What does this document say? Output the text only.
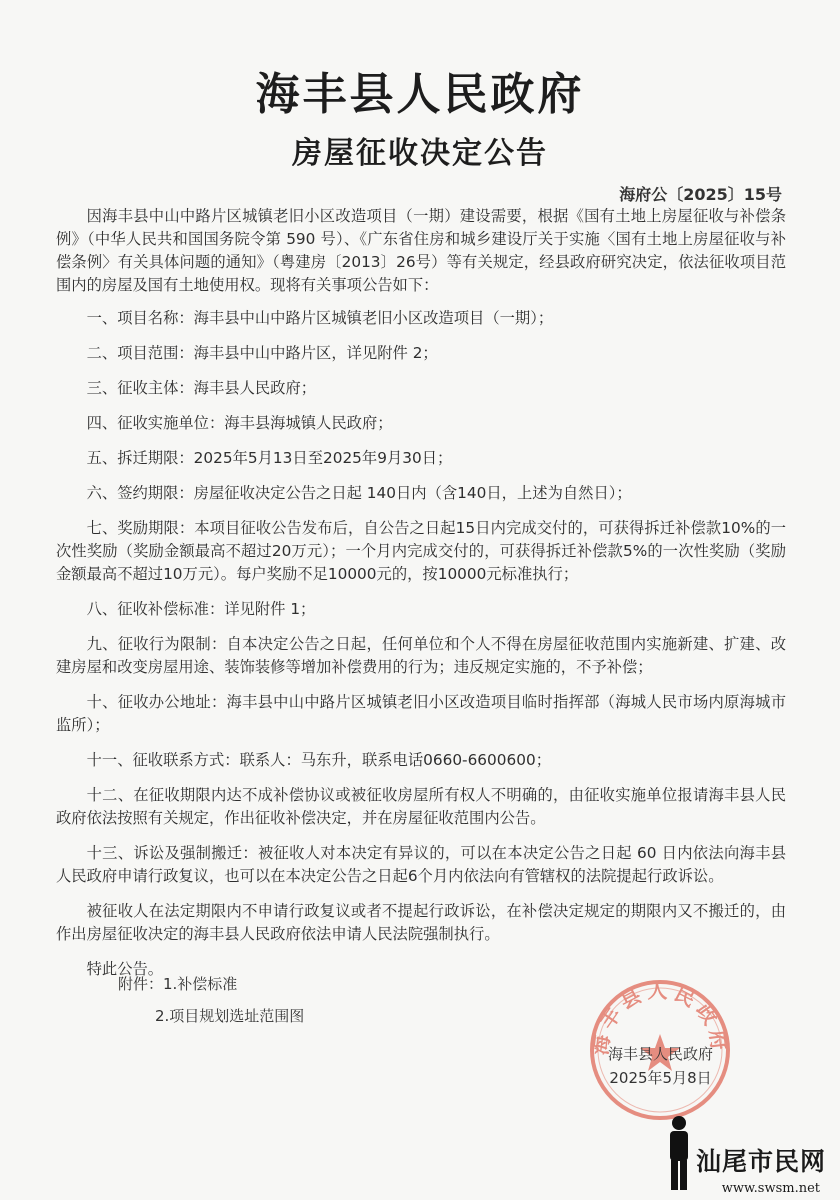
海丰县人民政府
房屋征收决定公告
海府公〔2025〕15号

因海丰县中山中路片区城镇老旧小区改造项目（一期）建设需要，根据《国有土地上房屋征收与补偿条例》（中华人民共和国国务院令第 590 号）、《广东省住房和城乡建设厅关于实施〈国有土地上房屋征收与补偿条例〉有关具体问题的通知》（粤建房〔2013〕26号）等有关规定，经县政府研究决定，依法征收项目范围内的房屋及国有土地使用权。现将有关事项公告如下：

一、项目名称：海丰县中山中路片区城镇老旧小区改造项目（一期）；

二、项目范围：海丰县中山中路片区，详见附件 2；

三、征收主体：海丰县人民政府；

四、征收实施单位：海丰县海城镇人民政府；

五、拆迁期限：2025年5月13日至2025年9月30日；

六、签约期限：房屋征收决定公告之日起 140日内（含140日，上述为自然日）；

七、奖励期限：本项目征收公告发布后，自公告之日起15日内完成交付的，可获得拆迁补偿款10%的一次性奖励（奖励金额最高不超过20万元）；一个月内完成交付的，可获得拆迁补偿款5%的一次性奖励（奖励金额最高不超过10万元）。每户奖励不足10000元的，按10000元标准执行；

八、征收补偿标准：详见附件 1；

九、征收行为限制：自本决定公告之日起，任何单位和个人不得在房屋征收范围内实施新建、扩建、改建房屋和改变房屋用途、装饰装修等增加补偿费用的行为；违反规定实施的，不予补偿；

十、征收办公地址：海丰县中山中路片区城镇老旧小区改造项目临时指挥部（海城人民市场内原海城市监所）；

十一、征收联系方式：联系人：马东升，联系电话0660-6600600；

十二、在征收期限内达不成补偿协议或被征收房屋所有权人不明确的，由征收实施单位报请海丰县人民政府依法按照有关规定，作出征收补偿决定，并在房屋征收范围内公告。

十三、诉讼及强制搬迁：被征收人对本决定有异议的，可以在本决定公告之日起 60 日内依法向海丰县人民政府申请行政复议，也可以在本决定公告之日起6个月内依法向有管辖权的法院提起行政诉讼。

被征收人在法定期限内不申请行政复议或者不提起行政诉讼，在补偿决定规定的期限内又不搬迁的，由作出房屋征收决定的海丰县人民政府依法申请人民法院强制执行。

特此公告。

附件：1.补偿标准
2.项目规划选址范围图
海丰县人民政府
海丰县人民政府
2025年5月8日
汕尾市民网
www.swsm.net
